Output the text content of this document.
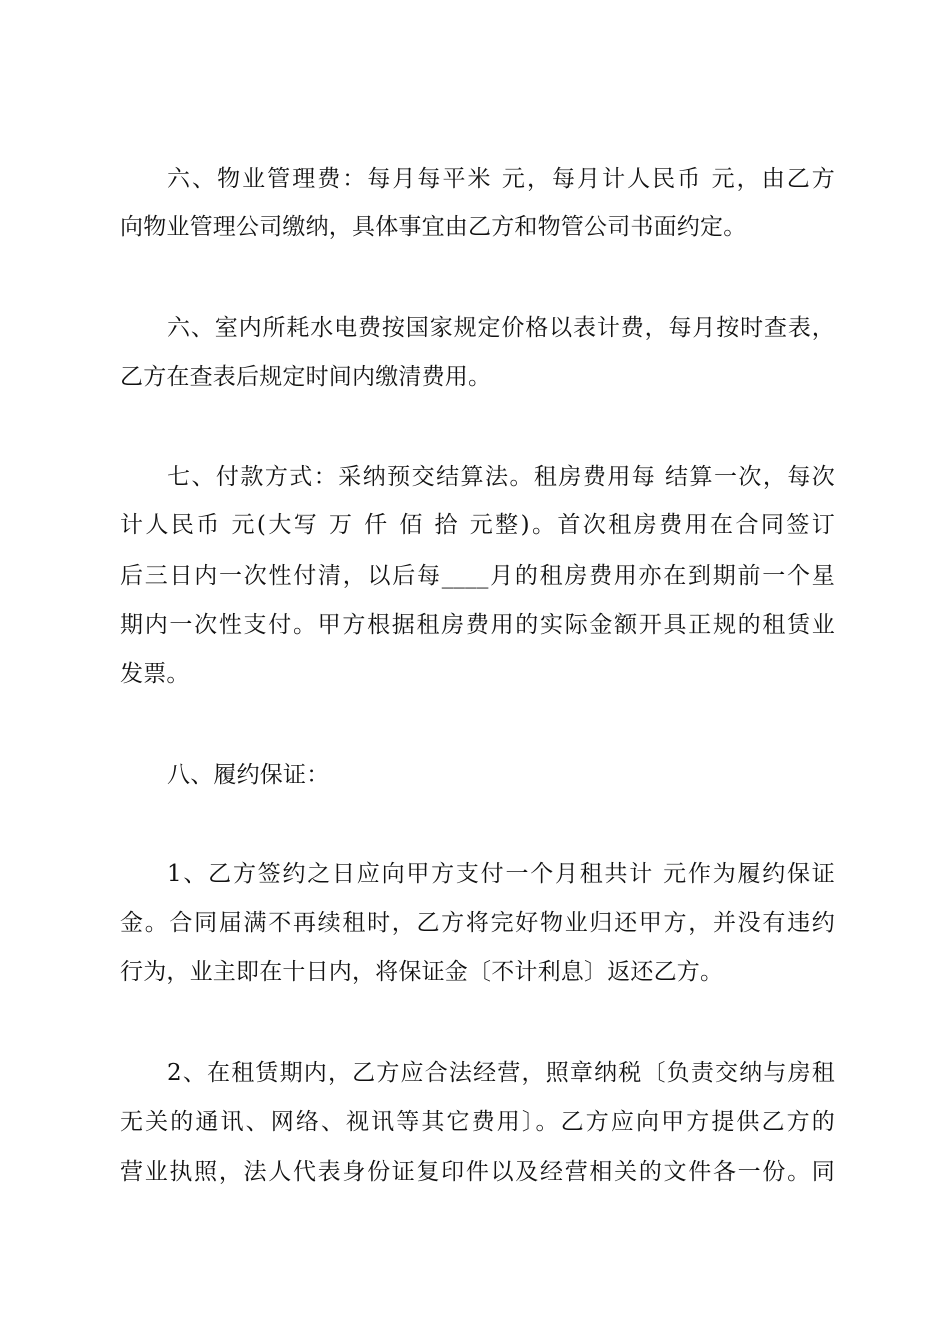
六、物业管理费：每月每平米 元，每月计人民币 元，由乙方
向物业管理公司缴纳，具体事宜由乙方和物管公司书面约定。
六、室内所耗水电费按国家规定价格以表计费，每月按时查表，
乙方在查表后规定时间内缴清费用。
七、付款方式：采纳预交结算法。租房费用每 结算一次，每次
计人民币 元(大写 万 仟 佰 拾 元整)。首次租房费用在合同签订
后三日内一次性付清，以后每____月的租房费用亦在到期前一个星
期内一次性支付。甲方根据租房费用的实际金额开具正规的租赁业
发票。
八、履约保证：
1、乙方签约之日应向甲方支付一个月租共计 元作为履约保证
金。合同届满不再续租时，乙方将完好物业归还甲方，并没有违约
行为，业主即在十日内，将保证金〔不计利息〕返还乙方。
2、在租赁期内，乙方应合法经营，照章纳税〔负责交纳与房租
无关的通讯、网络、视讯等其它费用〕。乙方应向甲方提供乙方的
营业执照，法人代表身份证复印件以及经营相关的文件各一份。同
